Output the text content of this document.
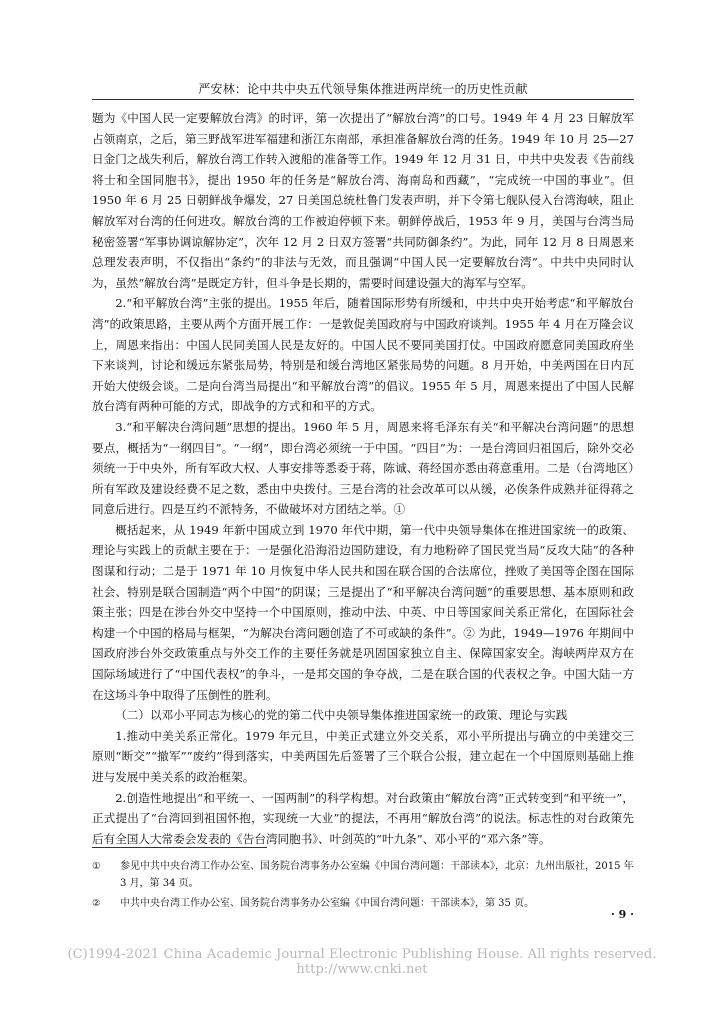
严安林：论中共中央五代领导集体推进两岸统一的历史性贡献

题为《中国人民一定要解放台湾》的时评，第一次提出了“解放台湾”的口号。1949 年 4 月 23 日解放军占领南京，之后，第三野战军进军福建和浙江东南部，承担准备解放台湾的任务。1949 年 10 月 25—27 日金门之战失利后，解放台湾工作转入渡船的准备等工作。1949 年 12 月 31 日，中共中央发表《告前线将士和全国同胞书》，提出 1950 年的任务是“解放台湾、海南岛和西藏”，“完成统一中国的事业”。但 1950 年 6 月 25 日朝鲜战争爆发，27 日美国总统杜鲁门发表声明，并下令第七舰队侵入台湾海峡，阻止解放军对台湾的任何进攻。解放台湾的工作被迫停顿下来。朝鲜停战后，1953 年 9 月，美国与台湾当局秘密签署“军事协调谅解协定”，次年 12 月 2 日双方签署“共同防御条约”。为此，同年 12 月 8 日周恩来总理发表声明，不仅指出“条约”的非法与无效，而且强调“中国人民一定要解放台湾”。中共中央同时认为，虽然“解放台湾”是既定方针，但斗争是长期的，需要时间建设强大的海军与空军。

2.“和平解放台湾”主张的提出。1955 年后，随着国际形势有所缓和，中共中央开始考虑“和平解放台湾”的政策思路，主要从两个方面开展工作：一是敦促美国政府与中国政府谈判。1955 年 4 月在万隆会议上，周恩来指出：中国人民同美国人民是友好的。中国人民不要同美国打仗。中国政府愿意同美国政府坐下来谈判，讨论和缓远东紧张局势，特别是和缓台湾地区紧张局势的问题。8 月开始，中美两国在日内瓦开始大使级会谈。二是向台湾当局提出“和平解放台湾”的倡议。1955 年 5 月，周恩来提出了中国人民解放台湾有两种可能的方式，即战争的方式和和平的方式。

3.“和平解决台湾问题”思想的提出。1960 年 5 月，周恩来将毛泽东有关“和平解决台湾问题”的思想要点，概括为“一纲四目”。“一纲”，即台湾必须统一于中国。“四目”为：一是台湾回归祖国后，除外交必须统一于中央外，所有军政大权、人事安排等悉委于蒋，陈诚、蒋经国亦悉由蒋意重用。二是（台湾地区）所有军政及建设经费不足之数，悉由中央拨付。三是台湾的社会改革可以从缓，必俟条件成熟并征得蒋之同意后进行。四是互约不派特务，不做破坏对方团结之举。①

概括起来，从 1949 年新中国成立到 1970 年代中期，第一代中央领导集体在推进国家统一的政策、理论与实践上的贡献主要在于：一是强化沿海沿边国防建设，有力地粉碎了国民党当局“反攻大陆”的各种图谋和行动；二是于 1971 年 10 月恢复中华人民共和国在联合国的合法席位，挫败了美国等企图在国际社会、特别是联合国制造“两个中国”的阴谋；三是提出了“和平解决台湾问题”的重要思想、基本原则和政策主张；四是在涉台外交中坚持一个中国原则，推动中法、中英、中日等国家间关系正常化，在国际社会构建一个中国的格局与框架，“为解决台湾问题创造了不可或缺的条件”。② 为此，1949—1976 年期间中国政府涉台外交政策重点与外交工作的主要任务就是巩固国家独立自主、保障国家安全。海峡两岸双方在国际场域进行了“中国代表权”的争斗，一是邦交国的争夺战，二是在联合国的代表权之争。中国大陆一方在这场斗争中取得了压倒性的胜利。

（二）以邓小平同志为核心的党的第二代中央领导集体推进国家统一的政策、理论与实践

1.推动中美关系正常化。1979 年元旦，中美正式建立外交关系，邓小平所提出与确立的中美建交三原则“断交”“撤军”“废约”得到落实，中美两国先后签署了三个联合公报，建立起在一个中国原则基础上推进与发展中美关系的政治框架。

2.创造性地提出“和平统一、一国两制”的科学构想。对台政策由“解放台湾”正式转变到“和平统一”，正式提出了“台湾回到祖国怀抱，实现统一大业”的提法，不再用“解放台湾”的说法。标志性的对台政策先后有全国人大常委会发表的《告台湾同胞书》、叶剑英的“叶九条”、邓小平的“邓六条”等。

① 参见中共中央台湾工作办公室、国务院台湾事务办公室编《中国台湾问题：干部读本》，北京：九州出版社，2015 年 3 月，第 34 页。
② 中共中央台湾工作办公室、国务院台湾事务办公室编《中国台湾问题：干部读本》，第 35 页。
· 9 ·
(C)1994-2021 China Academic Journal Electronic Publishing House. All rights reserved. http://www.cnki.net
